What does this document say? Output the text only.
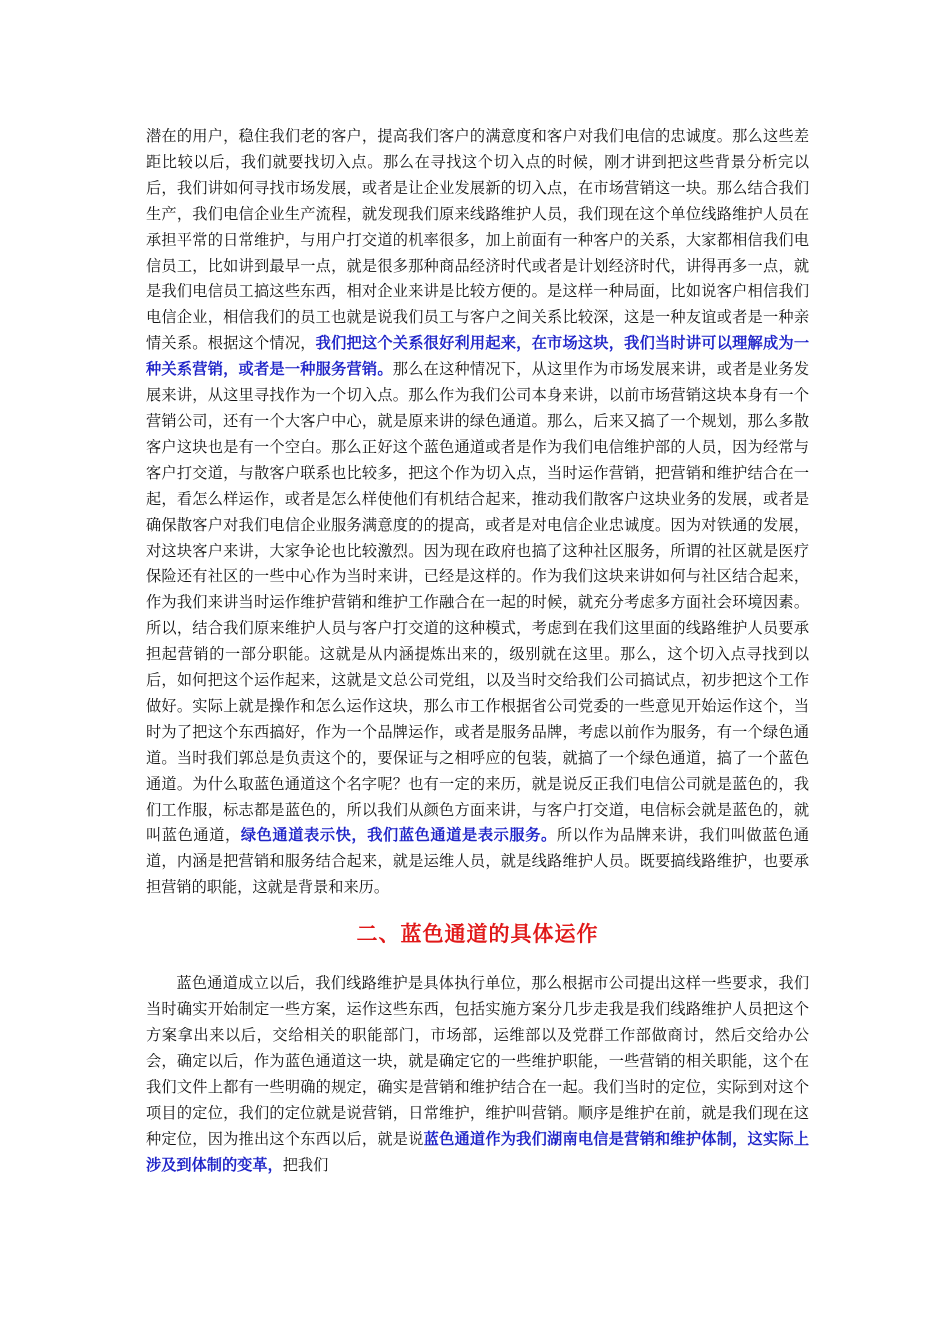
潜在的用户，稳住我们老的客户，提高我们客户的满意度和客户对我们电信的忠诚度。那么这些差距比较以后，我们就要找切入点。那么在寻找这个切入点的时候，刚才讲到把这些背景分析完以后，我们讲如何寻找市场发展，或者是让企业发展新的切入点，在市场营销这一块。那么结合我们生产，我们电信企业生产流程，就发现我们原来线路维护人员，我们现在这个单位线路维护人员在承担平常的日常维护，与用户打交道的机率很多，加上前面有一种客户的关系，大家都相信我们电信员工，比如讲到最早一点，就是很多那种商品经济时代或者是计划经济时代，讲得再多一点，就是我们电信员工搞这些东西，相对企业来讲是比较方便的。是这样一种局面，比如说客户相信我们电信企业，相信我们的员工也就是说我们员工与客户之间关系比较深，这是一种友谊或者是一种亲情关系。根据这个情况，我们把这个关系很好利用起来，在市场这块，我们当时讲可以理解成为一种关系营销，或者是一种服务营销。那么在这种情况下，从这里作为市场发展来讲，或者是业务发展来讲，从这里寻找作为一个切入点。那么作为我们公司本身来讲，以前市场营销这块本身有一个营销公司，还有一个大客户中心，就是原来讲的绿色通道。那么，后来又搞了一个规划，那么多散客户这块也是有一个空白。那么正好这个蓝色通道或者是作为我们电信维护部的人员，因为经常与客户打交道，与散客户联系也比较多，把这个作为切入点，当时运作营销，把营销和维护结合在一起，看怎么样运作，或者是怎么样使他们有机结合起来，推动我们散客户这块业务的发展，或者是确保散客户对我们电信企业服务满意度的的提高，或者是对电信企业忠诚度。因为对铁通的发展，对这块客户来讲，大家争论也比较激烈。因为现在政府也搞了这种社区服务，所谓的社区就是医疗保险还有社区的一些中心作为当时来讲，已经是这样的。作为我们这块来讲如何与社区结合起来，作为我们来讲当时运作维护营销和维护工作融合在一起的时候，就充分考虑多方面社会环境因素。所以，结合我们原来维护人员与客户打交道的这种模式，考虑到在我们这里面的线路维护人员要承担起营销的一部分职能。这就是从内涵提炼出来的，级别就在这里。那么，这个切入点寻找到以后，如何把这个运作起来，这就是文总公司党组，以及当时交给我们公司搞试点，初步把这个工作做好。实际上就是操作和怎么运作这块，那么市工作根据省公司党委的一些意见开始运作这个，当时为了把这个东西搞好，作为一个品牌运作，或者是服务品牌，考虑以前作为服务，有一个绿色通道。当时我们郭总是负责这个的，要保证与之相呼应的包装，就搞了一个绿色通道，搞了一个蓝色通道。为什么取蓝色通道这个名字呢？也有一定的来历，就是说反正我们电信公司就是蓝色的，我们工作服，标志都是蓝色的，所以我们从颜色方面来讲，与客户打交道，电信标会就是蓝色的，就叫蓝色通道，绿色通道表示快，我们蓝色通道是表示服务。所以作为品牌来讲，我们叫做蓝色通道，内涵是把营销和服务结合起来，就是运维人员，就是线路维护人员。既要搞线路维护，也要承担营销的职能，这就是背景和来历。

二、蓝色通道的具体运作

蓝色通道成立以后，我们线路维护是具体执行单位，那么根据市公司提出这样一些要求，我们当时确实开始制定一些方案，运作这些东西，包括实施方案分几步走我是我们线路维护人员把这个方案拿出来以后，交给相关的职能部门，市场部，运维部以及党群工作部做商讨，然后交给办公会，确定以后，作为蓝色通道这一块，就是确定它的一些维护职能，一些营销的相关职能，这个在我们文件上都有一些明确的规定，确实是营销和维护结合在一起。我们当时的定位，实际到对这个项目的定位，我们的定位就是说营销，日常维护，维护叫营销。顺序是维护在前，就是我们现在这种定位，因为推出这个东西以后，就是说蓝色通道作为我们湖南电信是营销和维护体制，这实际上涉及到体制的变革，把我们
